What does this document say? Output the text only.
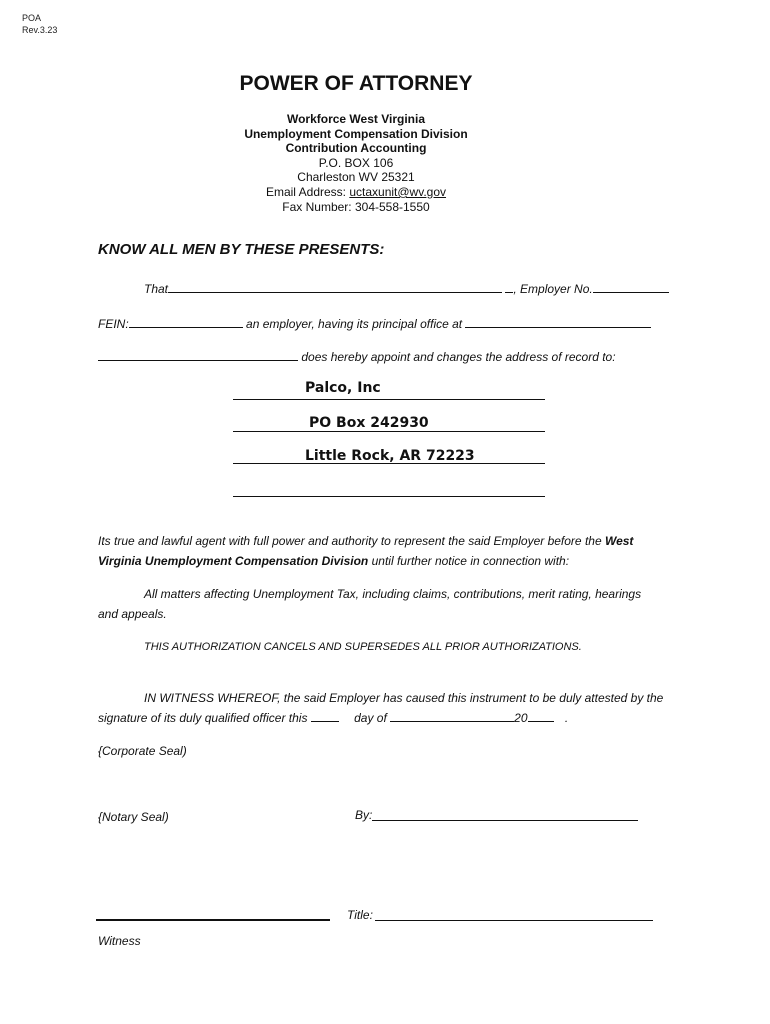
POA
Rev.3.23
POWER OF ATTORNEY
Workforce West Virginia
Unemployment Compensation Division
Contribution Accounting
P.O. BOX 106
Charleston WV 25321
Email Address: uctaxunit@wv.gov
Fax Number: 304-558-1550
KNOW ALL MEN BY THESE PRESENTS:
That	, Employer No.
FEIN:	an employer, having its principal office at
does hereby appoint and changes the address of record to:
Palco, Inc
PO Box 242930
Little Rock, AR 72223
Its true and lawful agent with full power and authority to represent the said Employer before the West
Virginia Unemployment Compensation Division until further notice in connection with:
All matters affecting Unemployment Tax, including claims, contributions, merit rating, hearings
and appeals.
THIS AUTHORIZATION CANCELS AND SUPERSEDES ALL PRIOR AUTHORIZATIONS.
IN WITNESS WHEREOF, the said Employer has caused this instrument to be duly attested by the
signature of its duly qualified officer this	day of	20	.
{Corporate Seal)
{Notary Seal)	By:
Title:
Witness
